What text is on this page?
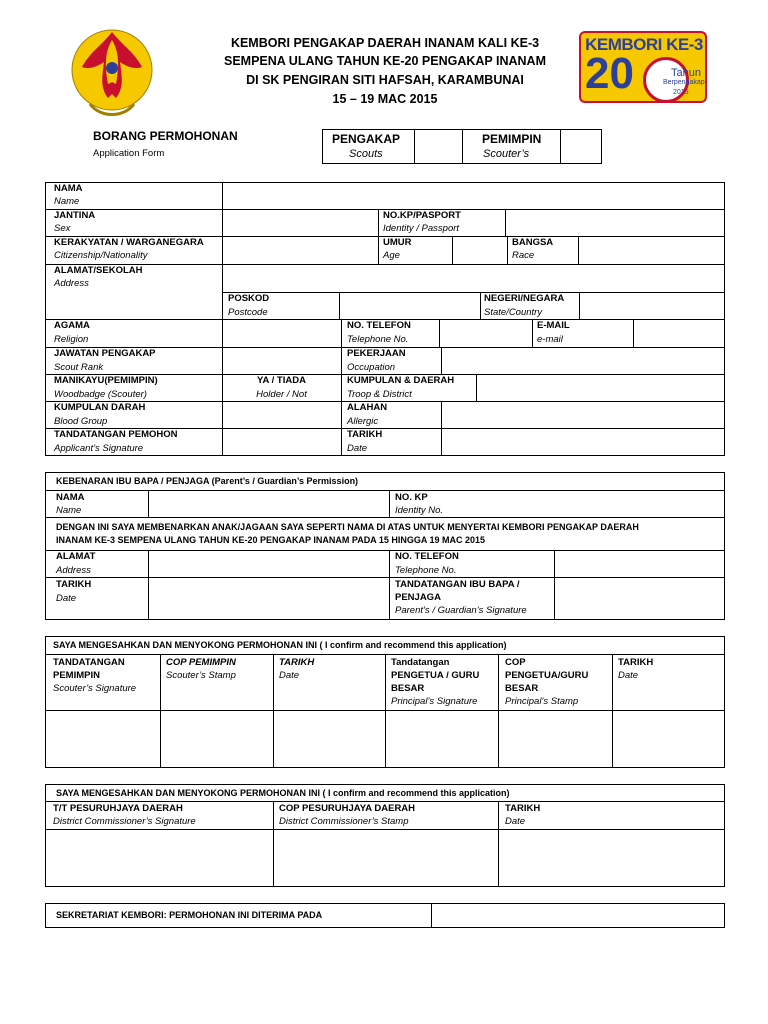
KEMBORI PENGAKAP DAERAH INANAM KALI KE-3
SEMPENA ULANG TAHUN KE-20 PENGAKAP INANAM
DI SK PENGIRAN SITI HAFSAH, KARAMBUNAI
15 – 19 MAC 2015
KEMBORI KE-3
20	Tahun
Berpengakap
2015
BORANG PERMOHONAN
Application Form
PENGAKAP
Scouts
PEMIMPIN
Scouter’s
NAMA
Name
JANTINA
Sex
NO.KP/PASPORT
Identity / Passport
KERAKYATAN / WARGANEGARA
Citizenship/Nationality
UMUR
Age
BANGSA
Race
ALAMAT/SEKOLAH
Address
POSKOD
Postcode
NEGERI/NEGARA
State/Country
AGAMA
Religion
NO. TELEFON
Telephone No.
E-MAIL
e-mail
JAWATAN PENGAKAP
Scout Rank
PEKERJAAN
Occupation
MANIKAYU(PEMIMPIN)
Woodbadge (Scouter)
YA / TIADA
Holder / Not
KUMPULAN & DAERAH
Troop & District
KUMPULAN DARAH
Blood Group
ALAHAN
Allergic
TANDATANGAN PEMOHON
Applicant’s Signature
TARIKH
Date
KEBENARAN IBU BAPA / PENJAGA (Parent’s / Guardian’s Permission)
NAMA
Name
NO. KP
Identity No.
DENGAN INI SAYA MEMBENARKAN ANAK/JAGAAN SAYA SEPERTI NAMA DI ATAS UNTUK MENYERTAI KEMBORI PENGAKAP DAERAH
INANAM KE-3 SEMPENA ULANG TAHUN KE-20 PENGAKAP INANAM PADA 15 HINGGA 19 MAC 2015
ALAMAT
Address
NO. TELEFON
Telephone No.
TARIKH
Date
TANDATANGAN IBU BAPA /
PENJAGA
Parent’s / Guardian’s Signature
SAYA MENGESAHKAN DAN MENYOKONG PERMOHONAN INI ( I confirm and recommend this application)
TANDATANGAN
PEMIMPIN
Scouter’s Signature
COP PEMIMPIN
Scouter’s Stamp
TARIKH
Date
Tandatangan
PENGETUA / GURU
BESAR
Principal’s Signature
COP
PENGETUA/GURU
BESAR
Principal’s Stamp
TARIKH
Date
SAYA MENGESAHKAN DAN MENYOKONG PERMOHONAN INI ( I confirm and recommend this application)
T/T PESURUHJAYA DAERAH
District Commissioner’s Signature
COP PESURUHJAYA DAERAH
District Commissioner’s Stamp
TARIKH
Date
SEKRETARIAT KEMBORI: PERMOHONAN INI DITERIMA PADA
